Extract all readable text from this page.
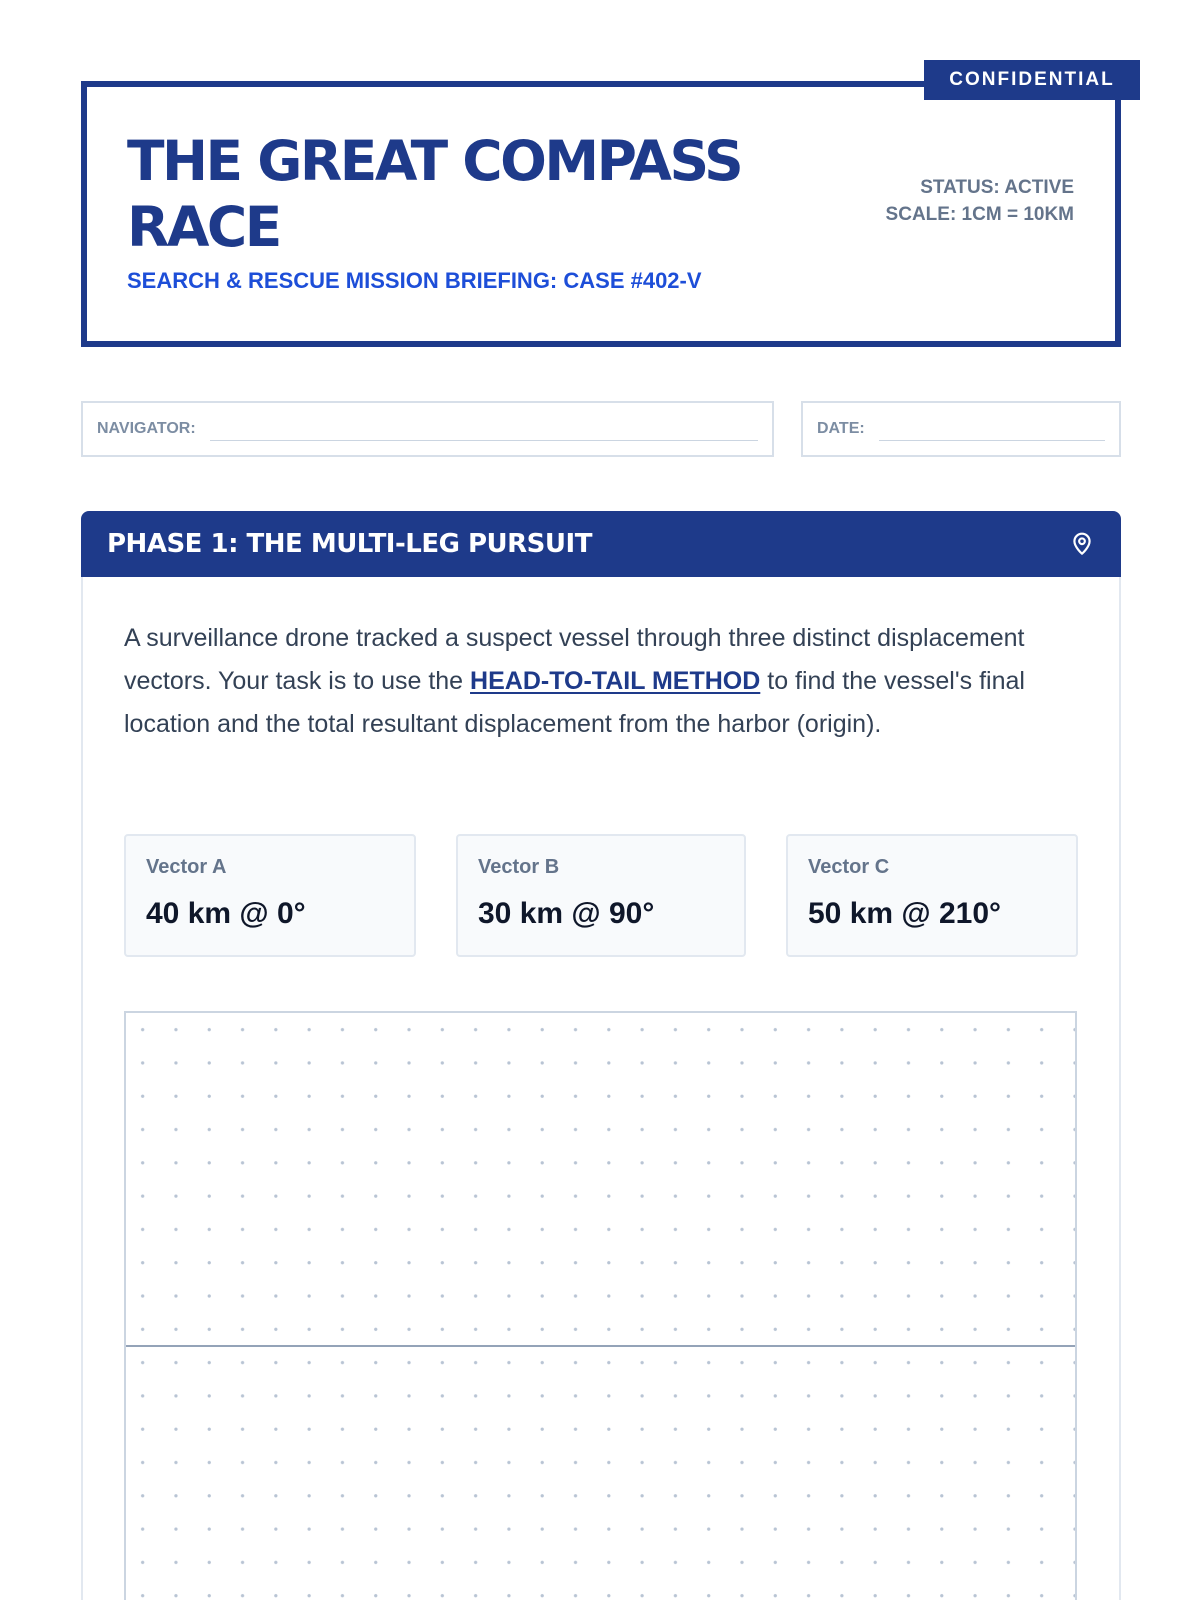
CONFIDENTIAL
THE GREAT COMPASS RACE
SEARCH & RESCUE MISSION BRIEFING: CASE #402-V
STATUS: ACTIVE
SCALE: 1CM = 10KM
NAVIGATOR:	DATE:
PHASE 1: THE MULTI-LEG PURSUIT

A surveillance drone tracked a suspect vessel through three distinct displacement vectors. Your task is to use the HEAD-TO-TAIL METHOD to find the vessel's final location and the total resultant displacement from the harbor (origin).

Vector A
40 km @ 0°
Vector B
30 km @ 90°
Vector C
50 km @ 210°
